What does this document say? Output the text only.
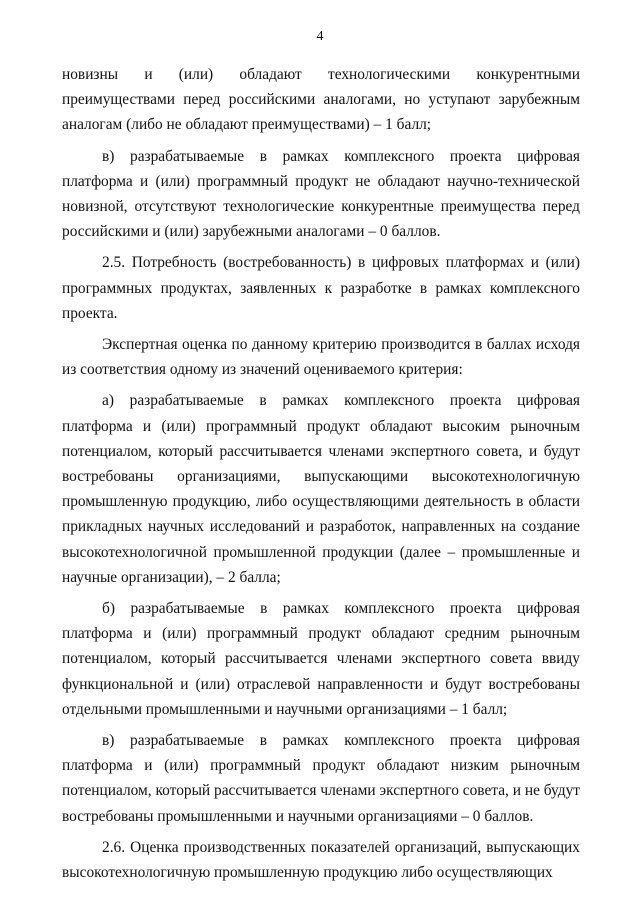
4

новизны и (или) обладают технологическими конкурентными преимуществами перед российскими аналогами, но уступают зарубежным аналогам (либо не обладают преимуществами) – 1 балл;

в) разрабатываемые в рамках комплексного проекта цифровая платформа и (или) программный продукт не обладают научно-технической новизной, отсутствуют технологические конкурентные преимущества перед российскими и (или) зарубежными аналогами – 0 баллов.

2.5. Потребность (востребованность) в цифровых платформах и (или) программных продуктах, заявленных к разработке в рамках комплексного проекта.

Экспертная оценка по данному критерию производится в баллах исходя из соответствия одному из значений оцениваемого критерия:

а) разрабатываемые в рамках комплексного проекта цифровая платформа и (или) программный продукт обладают высоким рыночным потенциалом, который рассчитывается членами экспертного совета, и будут востребованы организациями, выпускающими высокотехнологичную промышленную продукцию, либо осуществляющими деятельность в области прикладных научных исследований и разработок, направленных на создание высокотехнологичной промышленной продукции (далее – промышленные и научные организации), – 2 балла;

б) разрабатываемые в рамках комплексного проекта цифровая платформа и (или) программный продукт обладают средним рыночным потенциалом, который рассчитывается членами экспертного совета ввиду функциональной и (или) отраслевой направленности и будут востребованы отдельными промышленными и научными организациями – 1 балл;

в) разрабатываемые в рамках комплексного проекта цифровая платформа и (или) программный продукт обладают низким рыночным потенциалом, который рассчитывается членами экспертного совета, и не будут востребованы промышленными и научными организациями – 0 баллов.

2.6. Оценка производственных показателей организаций, выпускающих высокотехнологичную промышленную продукцию либо осуществляющих
